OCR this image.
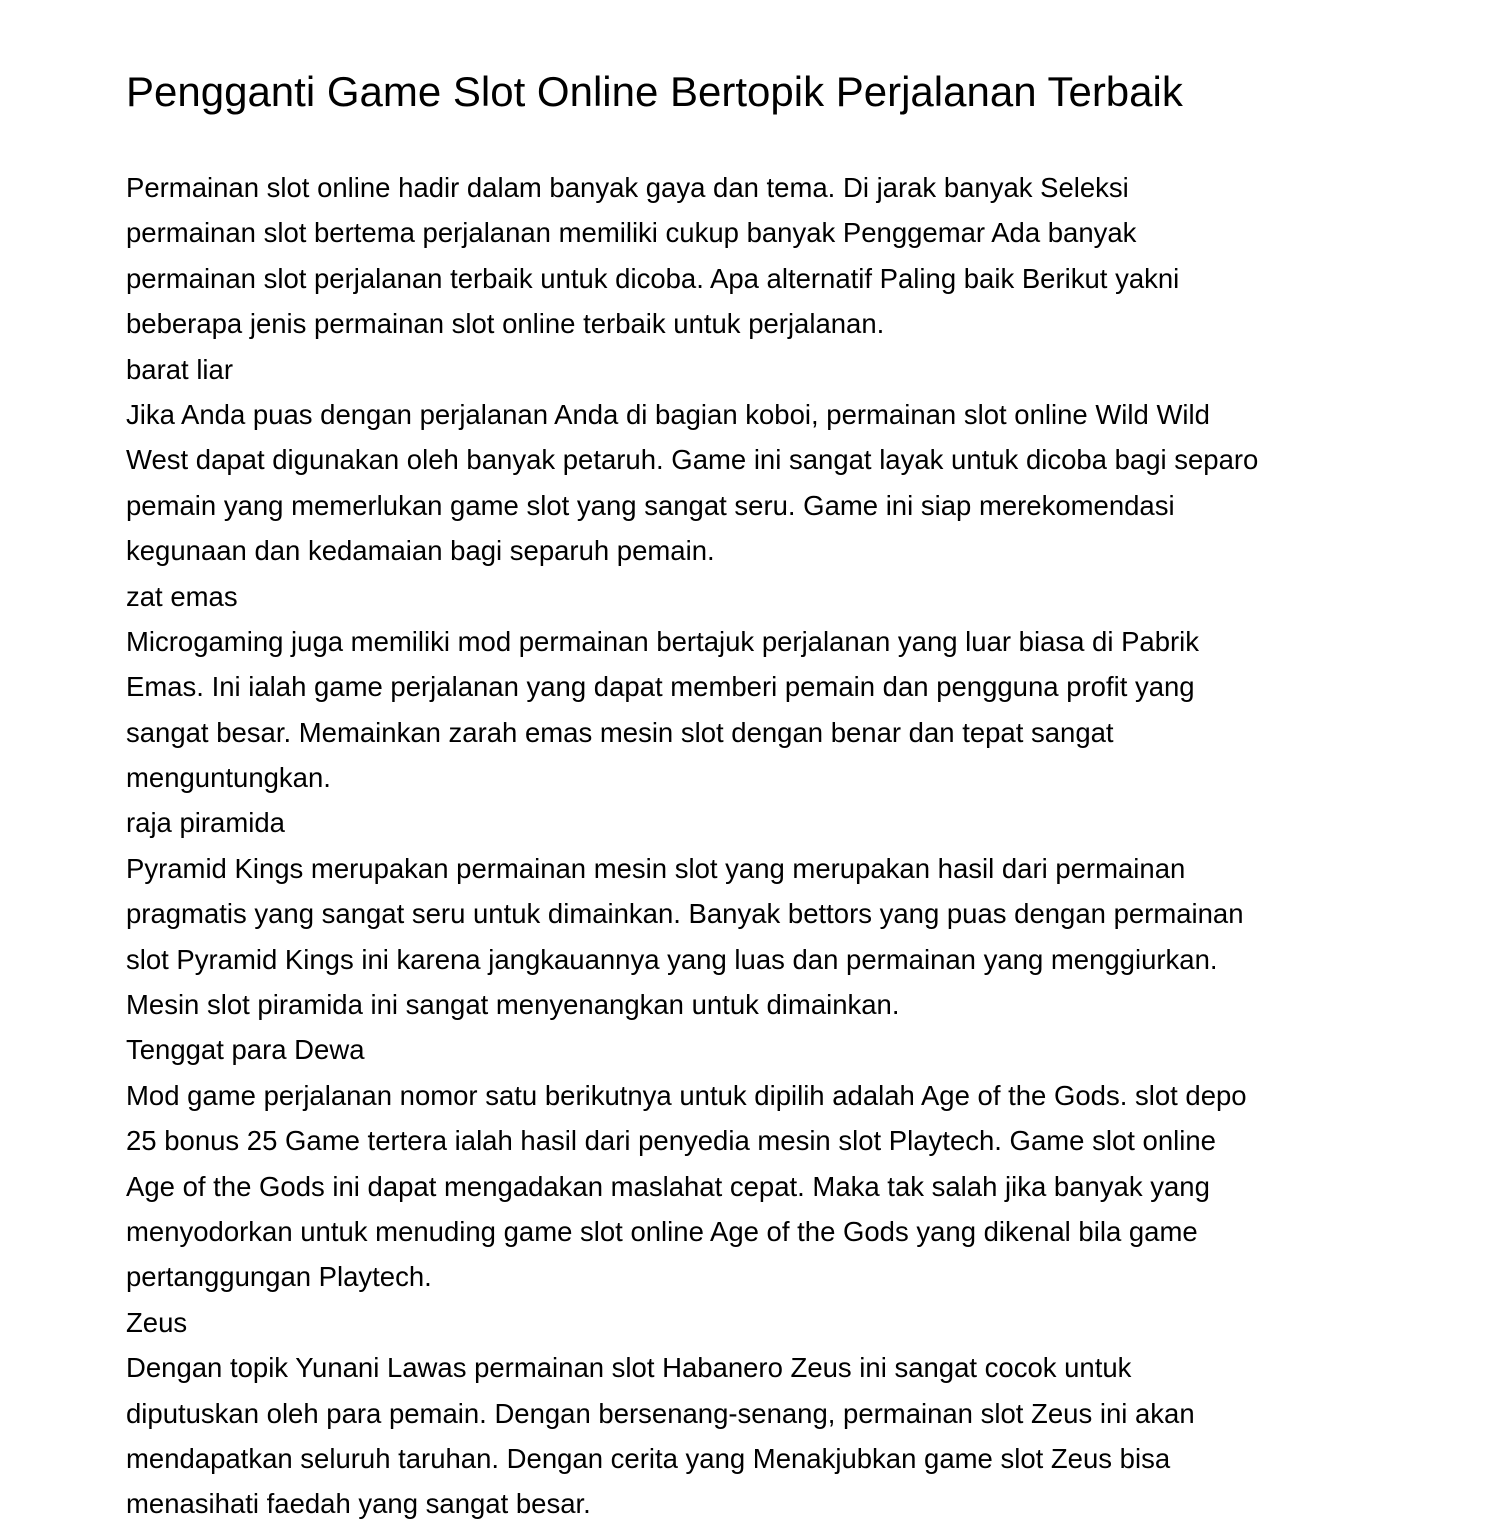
Pengganti Game Slot Online Bertopik Perjalanan Terbaik
Permainan slot online hadir dalam banyak gaya dan tema. Di jarak banyak Seleksi
permainan slot bertema perjalanan memiliki cukup banyak Penggemar Ada banyak
permainan slot perjalanan terbaik untuk dicoba. Apa alternatif Paling baik Berikut yakni
beberapa jenis permainan slot online terbaik untuk perjalanan.
barat liar
Jika Anda puas dengan perjalanan Anda di bagian koboi, permainan slot online Wild Wild
West dapat digunakan oleh banyak petaruh. Game ini sangat layak untuk dicoba bagi separo
pemain yang memerlukan game slot yang sangat seru. Game ini siap merekomendasi
kegunaan dan kedamaian bagi separuh pemain.
zat emas
Microgaming juga memiliki mod permainan bertajuk perjalanan yang luar biasa di Pabrik
Emas. Ini ialah game perjalanan yang dapat memberi pemain dan pengguna profit yang
sangat besar. Memainkan zarah emas mesin slot dengan benar dan tepat sangat
menguntungkan.
raja piramida
Pyramid Kings merupakan permainan mesin slot yang merupakan hasil dari permainan
pragmatis yang sangat seru untuk dimainkan. Banyak bettors yang puas dengan permainan
slot Pyramid Kings ini karena jangkauannya yang luas dan permainan yang menggiurkan.
Mesin slot piramida ini sangat menyenangkan untuk dimainkan.
Tenggat para Dewa
Mod game perjalanan nomor satu berikutnya untuk dipilih adalah Age of the Gods. slot depo
25 bonus 25 Game tertera ialah hasil dari penyedia mesin slot Playtech. Game slot online
Age of the Gods ini dapat mengadakan maslahat cepat. Maka tak salah jika banyak yang
menyodorkan untuk menuding game slot online Age of the Gods yang dikenal bila game
pertanggungan Playtech.
Zeus
Dengan topik Yunani Lawas permainan slot Habanero Zeus ini sangat cocok untuk
diputuskan oleh para pemain. Dengan bersenang-senang, permainan slot Zeus ini akan
mendapatkan seluruh taruhan. Dengan cerita yang Menakjubkan game slot Zeus bisa
menasihati faedah yang sangat besar.
